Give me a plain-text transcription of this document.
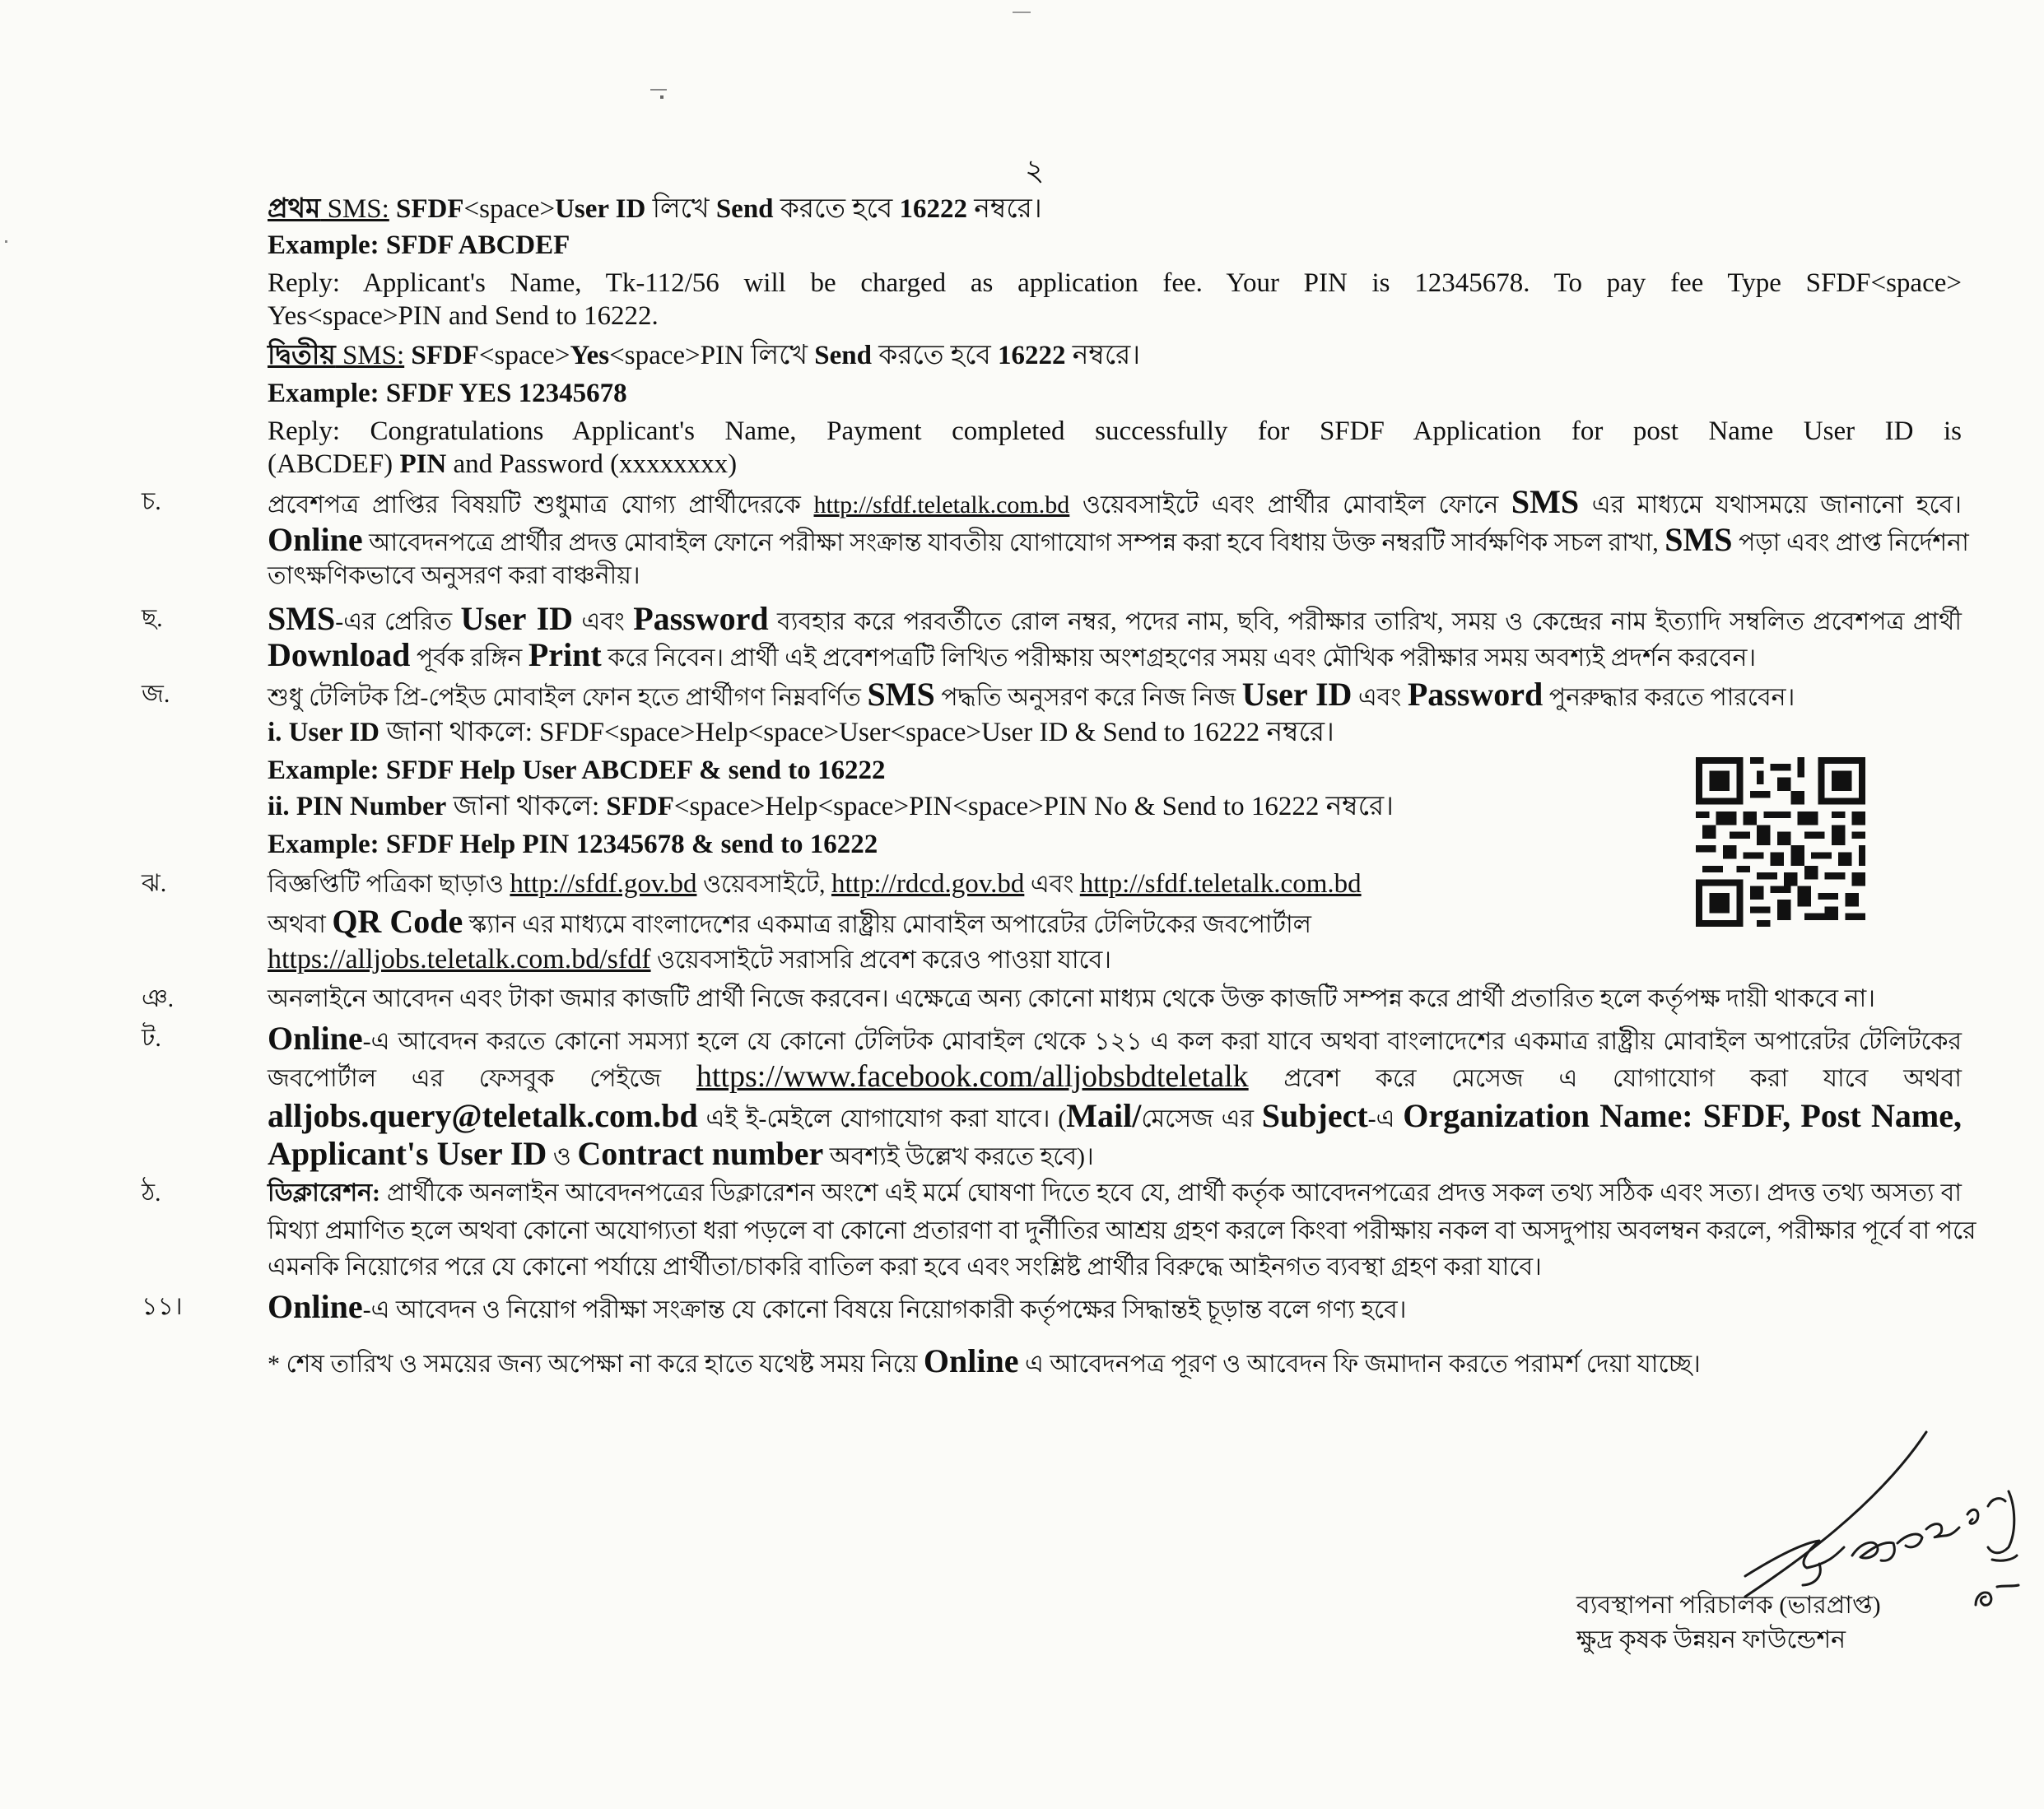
২
প্রথম SMS: SFDF<space>User ID লিখে Send করতে হবে 16222 নম্বরে।
Example: SFDF ABCDEF
Reply: Applicant's Name, Tk-112/56 will be charged as application fee. Your PIN is 12345678. To pay fee Type SFDF<space>
Yes<space>PIN and Send to 16222.
দ্বিতীয় SMS: SFDF<space>Yes<space>PIN লিখে Send করতে হবে 16222 নম্বরে।
Example: SFDF YES 12345678
Reply: Congratulations Applicant's Name, Payment completed successfully for SFDF Application for post Name User ID is
(ABCDEF) PIN and Password (xxxxxxxx)
চ.	প্রবেশপত্র প্রাপ্তির বিষয়টি শুধুমাত্র যোগ্য প্রার্থীদেরকে http://sfdf.teletalk.com.bd ওয়েবসাইটে এবং প্রার্থীর মোবাইল ফোনে SMS এর মাধ্যমে যথাসময়ে জানানো হবে।
Online আবেদনপত্রে প্রার্থীর প্রদত্ত মোবাইল ফোনে পরীক্ষা সংক্রান্ত যাবতীয় যোগাযোগ সম্পন্ন করা হবে বিধায় উক্ত নম্বরটি সার্বক্ষণিক সচল রাখা, SMS পড়া এবং প্রাপ্ত নির্দেশনা
তাৎক্ষণিকভাবে অনুসরণ করা বাঞ্চনীয়।
ছ.	SMS-এর প্রেরিত User ID এবং Password ব্যবহার করে পরবর্তীতে রোল নম্বর, পদের নাম, ছবি, পরীক্ষার তারিখ, সময় ও কেন্দ্রের নাম ইত্যাদি সম্বলিত প্রবেশপত্র প্রার্থী
Download পূর্বক রঙ্গিন Print করে নিবেন। প্রার্থী এই প্রবেশপত্রটি লিখিত পরীক্ষায় অংশগ্রহণের সময় এবং মৌখিক পরীক্ষার সময় অবশ্যই প্রদর্শন করবেন।
জ.	শুধু টেলিটক প্রি-পেইড মোবাইল ফোন হতে প্রার্থীগণ নিম্নবর্ণিত SMS পদ্ধতি অনুসরণ করে নিজ নিজ User ID এবং Password পুনরুদ্ধার করতে পারবেন।
i. User ID জানা থাকলে: SFDF<space>Help<space>User<space>User ID & Send to 16222 নম্বরে।
Example: SFDF Help User ABCDEF & send to 16222
ii. PIN Number জানা থাকলে: SFDF<space>Help<space>PIN<space>PIN No & Send to 16222 নম্বরে।
Example: SFDF Help PIN 12345678 & send to 16222
ঝ.	বিজ্ঞপ্তিটি পত্রিকা ছাড়াও http://sfdf.gov.bd ওয়েবসাইটে, http://rdcd.gov.bd এবং http://sfdf.teletalk.com.bd
অথবা QR Code স্ক্যান এর মাধ্যমে বাংলাদেশের একমাত্র রাষ্ট্রীয় মোবাইল অপারেটর টেলিটকের জবপোর্টাল
https://alljobs.teletalk.com.bd/sfdf ওয়েবসাইটে সরাসরি প্রবেশ করেও পাওয়া যাবে।
ঞ.	অনলাইনে আবেদন এবং টাকা জমার কাজটি প্রার্থী নিজে করবেন। এক্ষেত্রে অন্য কোনো মাধ্যম থেকে উক্ত কাজটি সম্পন্ন করে প্রার্থী প্রতারিত হলে কর্তৃপক্ষ দায়ী থাকবে না।
ট.	Online-এ আবেদন করতে কোনো সমস্যা হলে যে কোনো টেলিটক মোবাইল থেকে ১২১ এ কল করা যাবে অথবা বাংলাদেশের একমাত্র রাষ্ট্রীয় মোবাইল অপারেটর টেলিটকের
জবপোর্টাল এর ফেসবুক পেইজে https://www.facebook.com/alljobsbdteletalk প্রবেশ করে মেসেজ এ যোগাযোগ করা যাবে অথবা
alljobs.query@teletalk.com.bd এই ই-মেইলে যোগাযোগ করা যাবে। (Mail/মেসেজ এর Subject-এ Organization Name: SFDF, Post Name,
Applicant's User ID ও Contract number অবশ্যই উল্লেখ করতে হবে)।
ঠ.	ডিক্লারেশন: প্রার্থীকে অনলাইন আবেদনপত্রের ডিক্লারেশন অংশে এই মর্মে ঘোষণা দিতে হবে যে, প্রার্থী কর্তৃক আবেদনপত্রের প্রদত্ত সকল তথ্য সঠিক এবং সত্য। প্রদত্ত তথ্য অসত্য বা
মিথ্যা প্রমাণিত হলে অথবা কোনো অযোগ্যতা ধরা পড়লে বা কোনো প্রতারণা বা দুর্নীতির আশ্রয় গ্রহণ করলে কিংবা পরীক্ষায় নকল বা অসদুপায় অবলম্বন করলে, পরীক্ষার পূর্বে বা পরে
এমনকি নিয়োগের পরে যে কোনো পর্যায়ে প্রার্থীতা/চাকরি বাতিল করা হবে এবং সংশ্লিষ্ট প্রার্থীর বিরুদ্ধে আইনগত ব্যবস্থা গ্রহণ করা যাবে।
১১।	Online-এ আবেদন ও নিয়োগ পরীক্ষা সংক্রান্ত যে কোনো বিষয়ে নিয়োগকারী কর্তৃপক্ষের সিদ্ধান্তই চূড়ান্ত বলে গণ্য হবে।
* শেষ তারিখ ও সময়ের জন্য অপেক্ষা না করে হাতে যথেষ্ট সময় নিয়ে Online এ আবেদনপত্র পূরণ ও আবেদন ফি জমাদান করতে পরামর্শ দেয়া যাচ্ছে।
ব্যবস্থাপনা পরিচালক (ভারপ্রাপ্ত)
ক্ষুদ্র কৃষক উন্নয়ন ফাউন্ডেশন
